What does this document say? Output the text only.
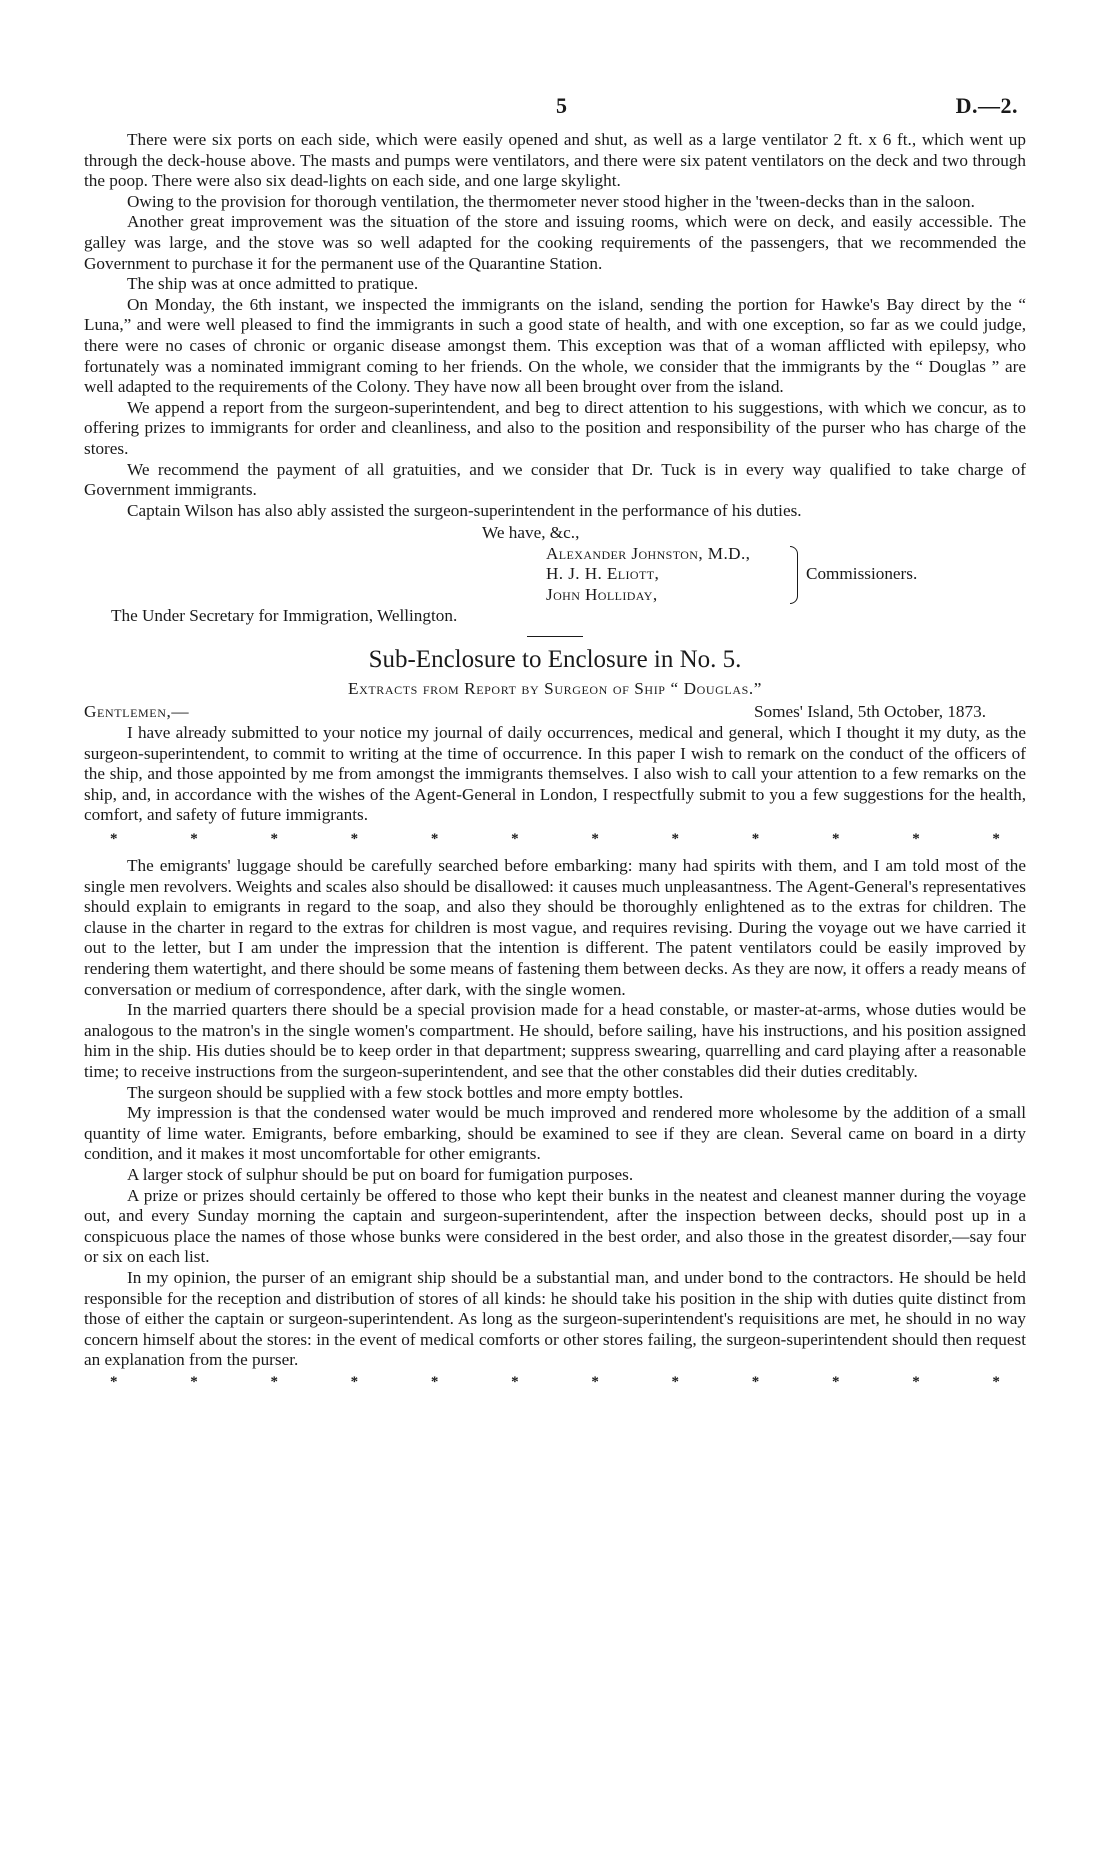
5	D.—2.

There were six ports on each side, which were easily opened and shut, as well as a large ventilator 2 ft. x 6 ft., which went up through the deck-house above. The masts and pumps were ventilators, and there were six patent ventilators on the deck and two through the poop. There were also six dead-lights on each side, and one large skylight.

Owing to the provision for thorough ventilation, the thermometer never stood higher in the 'tween-decks than in the saloon.

Another great improvement was the situation of the store and issuing rooms, which were on deck, and easily accessible. The galley was large, and the stove was so well adapted for the cooking requirements of the passengers, that we recommended the Government to purchase it for the permanent use of the Quarantine Station.

The ship was at once admitted to pratique.

On Monday, the 6th instant, we inspected the immigrants on the island, sending the portion for Hawke's Bay direct by the “ Luna,” and were well pleased to find the immigrants in such a good state of health, and with one exception, so far as we could judge, there were no cases of chronic or organic disease amongst them. This exception was that of a woman afflicted with epilepsy, who fortunately was a nominated immigrant coming to her friends. On the whole, we consider that the immigrants by the “ Douglas ” are well adapted to the requirements of the Colony. They have now all been brought over from the island.

We append a report from the surgeon-superintendent, and beg to direct attention to his suggestions, with which we concur, as to offering prizes to immigrants for order and cleanliness, and also to the position and responsibility of the purser who has charge of the stores.

We recommend the payment of all gratuities, and we consider that Dr. Tuck is in every way qualified to take charge of Government immigrants.

Captain Wilson has also ably assisted the surgeon-superintendent in the performance of his duties.

We have, &c.,
Alexander Johnston, M.D.,
H. J. H. Eliott,
John Holliday,
Commissioners.
The Under Secretary for Immigration, Wellington.
Sub-Enclosure to Enclosure in No. 5.
Extracts from Report by Surgeon of Ship “ Douglas.”
Gentlemen,—	Somes' Island, 5th October, 1873.

I have already submitted to your notice my journal of daily occurrences, medical and general, which I thought it my duty, as the surgeon-superintendent, to commit to writing at the time of occurrence. In this paper I wish to remark on the conduct of the officers of the ship, and those appointed by me from amongst the immigrants themselves. I also wish to call your attention to a few remarks on the ship, and, in accordance with the wishes of the Agent-General in London, I respectfully submit to you a few suggestions for the health, comfort, and safety of future immigrants.

*	*	*	*	*	*	*	*	*	*	*	*

The emigrants' luggage should be carefully searched before embarking: many had spirits with them, and I am told most of the single men revolvers. Weights and scales also should be disallowed: it causes much unpleasantness. The Agent-General's representatives should explain to emigrants in regard to the soap, and also they should be thoroughly enlightened as to the extras for children. The clause in the charter in regard to the extras for children is most vague, and requires revising. During the voyage out we have carried it out to the letter, but I am under the impression that the intention is different. The patent ventilators could be easily improved by rendering them watertight, and there should be some means of fastening them between decks. As they are now, it offers a ready means of conversation or medium of correspondence, after dark, with the single women.

In the married quarters there should be a special provision made for a head constable, or master-at-arms, whose duties would be analogous to the matron's in the single women's compartment. He should, before sailing, have his instructions, and his position assigned him in the ship. His duties should be to keep order in that department; suppress swearing, quarrelling and card playing after a reasonable time; to receive instructions from the surgeon-superintendent, and see that the other constables did their duties creditably.

The surgeon should be supplied with a few stock bottles and more empty bottles.

My impression is that the condensed water would be much improved and rendered more wholesome by the addition of a small quantity of lime water. Emigrants, before embarking, should be examined to see if they are clean. Several came on board in a dirty condition, and it makes it most uncomfortable for other emigrants.

A larger stock of sulphur should be put on board for fumigation purposes.

A prize or prizes should certainly be offered to those who kept their bunks in the neatest and cleanest manner during the voyage out, and every Sunday morning the captain and surgeon-superintendent, after the inspection between decks, should post up in a conspicuous place the names of those whose bunks were considered in the best order, and also those in the greatest disorder,—say four or six on each list.

In my opinion, the purser of an emigrant ship should be a substantial man, and under bond to the contractors. He should be held responsible for the reception and distribution of stores of all kinds: he should take his position in the ship with duties quite distinct from those of either the captain or surgeon-superintendent. As long as the surgeon-superintendent's requisitions are met, he should in no way concern himself about the stores: in the event of medical comforts or other stores failing, the surgeon-superintendent should then request an explanation from the purser.

*	*	*	*	*	*	*	*	*	*	*	*
